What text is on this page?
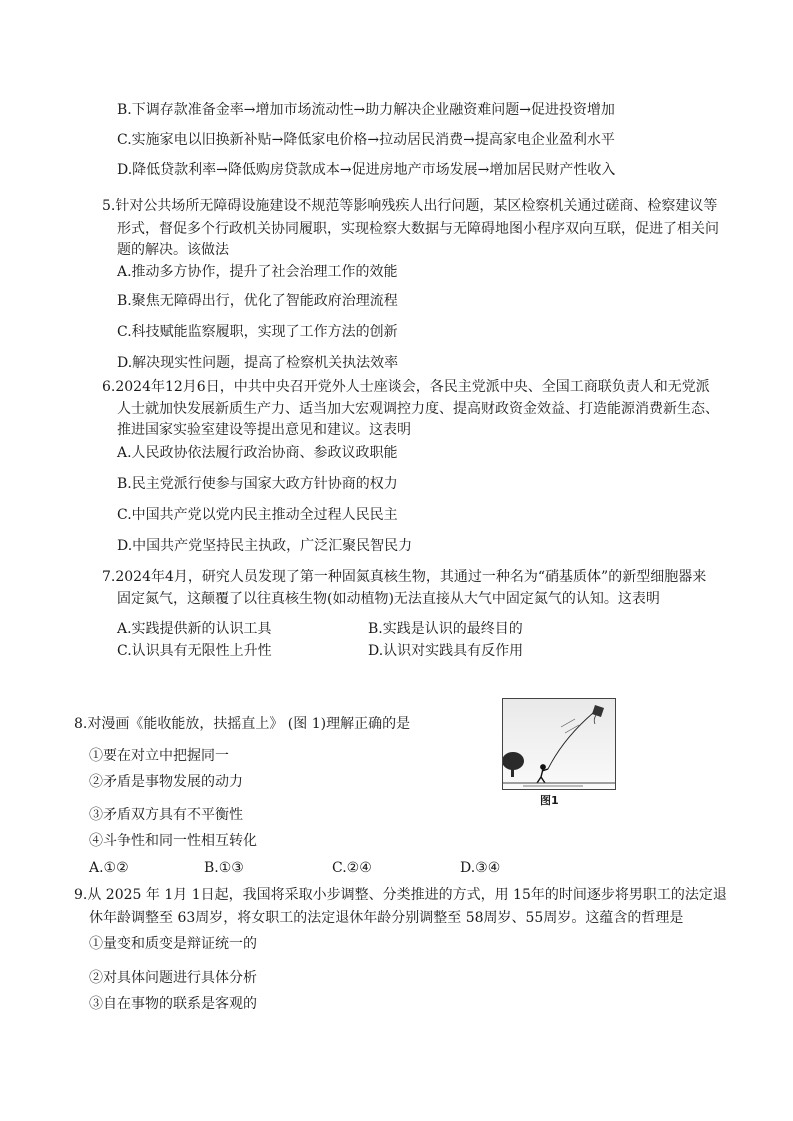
B.下调存款准备金率→增加市场流动性→助力解决企业融资难问题→促进投资增加
C.实施家电以旧换新补贴→降低家电价格→拉动居民消费→提高家电企业盈利水平
D.降低贷款利率→降低购房贷款成本→促进房地产市场发展→增加居民财产性收入
5.针对公共场所无障碍设施建设不规范等影响残疾人出行问题，某区检察机关通过磋商、检察建议等
形式，督促多个行政机关协同履职，实现检察大数据与无障碍地图小程序双向互联，促进了相关问
题的解决。该做法
A.推动多方协作，提升了社会治理工作的效能
B.聚焦无障碍出行，优化了智能政府治理流程
C.科技赋能监察履职，实现了工作方法的创新
D.解决现实性问题，提高了检察机关执法效率
6.2024年12月6日，中共中央召开党外人士座谈会，各民主党派中央、全国工商联负责人和无党派
人士就加快发展新质生产力、适当加大宏观调控力度、提高财政资金效益、打造能源消费新生态、
推进国家实验室建设等提出意见和建议。这表明
A.人民政协依法履行政治协商、参政议政职能
B.民主党派行使参与国家大政方针协商的权力
C.中国共产党以党内民主推动全过程人民民主
D.中国共产党坚持民主执政，广泛汇聚民智民力
7.2024年4月，研究人员发现了第一种固氮真核生物，其通过一种名为“硝基质体”的新型细胞器来
固定氮气，这颠覆了以往真核生物(如动植物)无法直接从大气中固定氮气的认知。这表明
A.实践提供新的认识工具	B.实践是认识的最终目的
C.认识具有无限性上升性	D.认识对实践具有反作用
8.对漫画《能收能放，扶摇直上》 (图 1)理解正确的是
①要在对立中把握同一
②矛盾是事物发展的动力
③矛盾双方具有不平衡性
④斗争性和同一性相互转化
A.①②	B.①③	C.②④	D.③④
图1
9.从 2025 年 1月 1日起，我国将采取小步调整、分类推进的方式，用 15年的时间逐步将男职工的法定退
休年龄调整至 63周岁，将女职工的法定退休年龄分别调整至 58周岁、55周岁。这蕴含的哲理是
①量变和质变是辩证统一的
②对具体问题进行具体分析
③自在事物的联系是客观的
